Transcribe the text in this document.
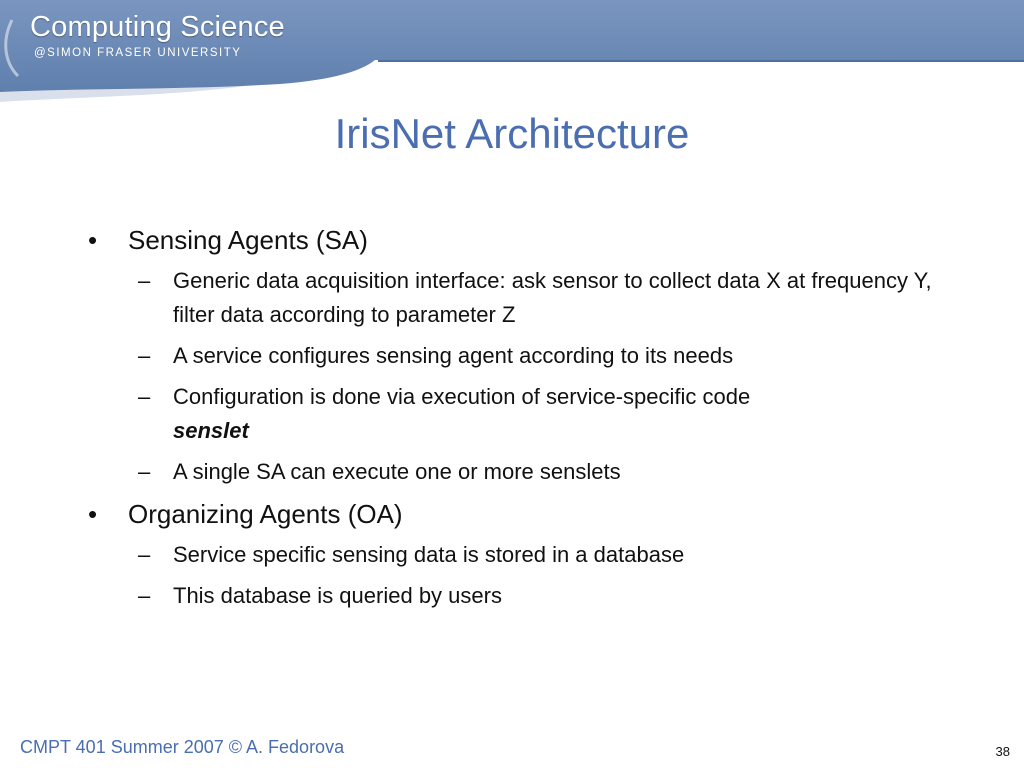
Computing Science
@SIMON FRASER UNIVERSITY
IrisNet Architecture
• Sensing Agents (SA)
– Generic data acquisition interface: ask sensor to collect data X at frequency Y, filter data according to parameter Z
– A service configures sensing agent according to its needs
– Configuration is done via execution of service-specific code
senslet
– A single SA can execute one or more senslets
• Organizing Agents (OA)
– Service specific sensing data is stored in a database
– This database is queried by users
CMPT 401 Summer 2007 © A. Fedorova	38
